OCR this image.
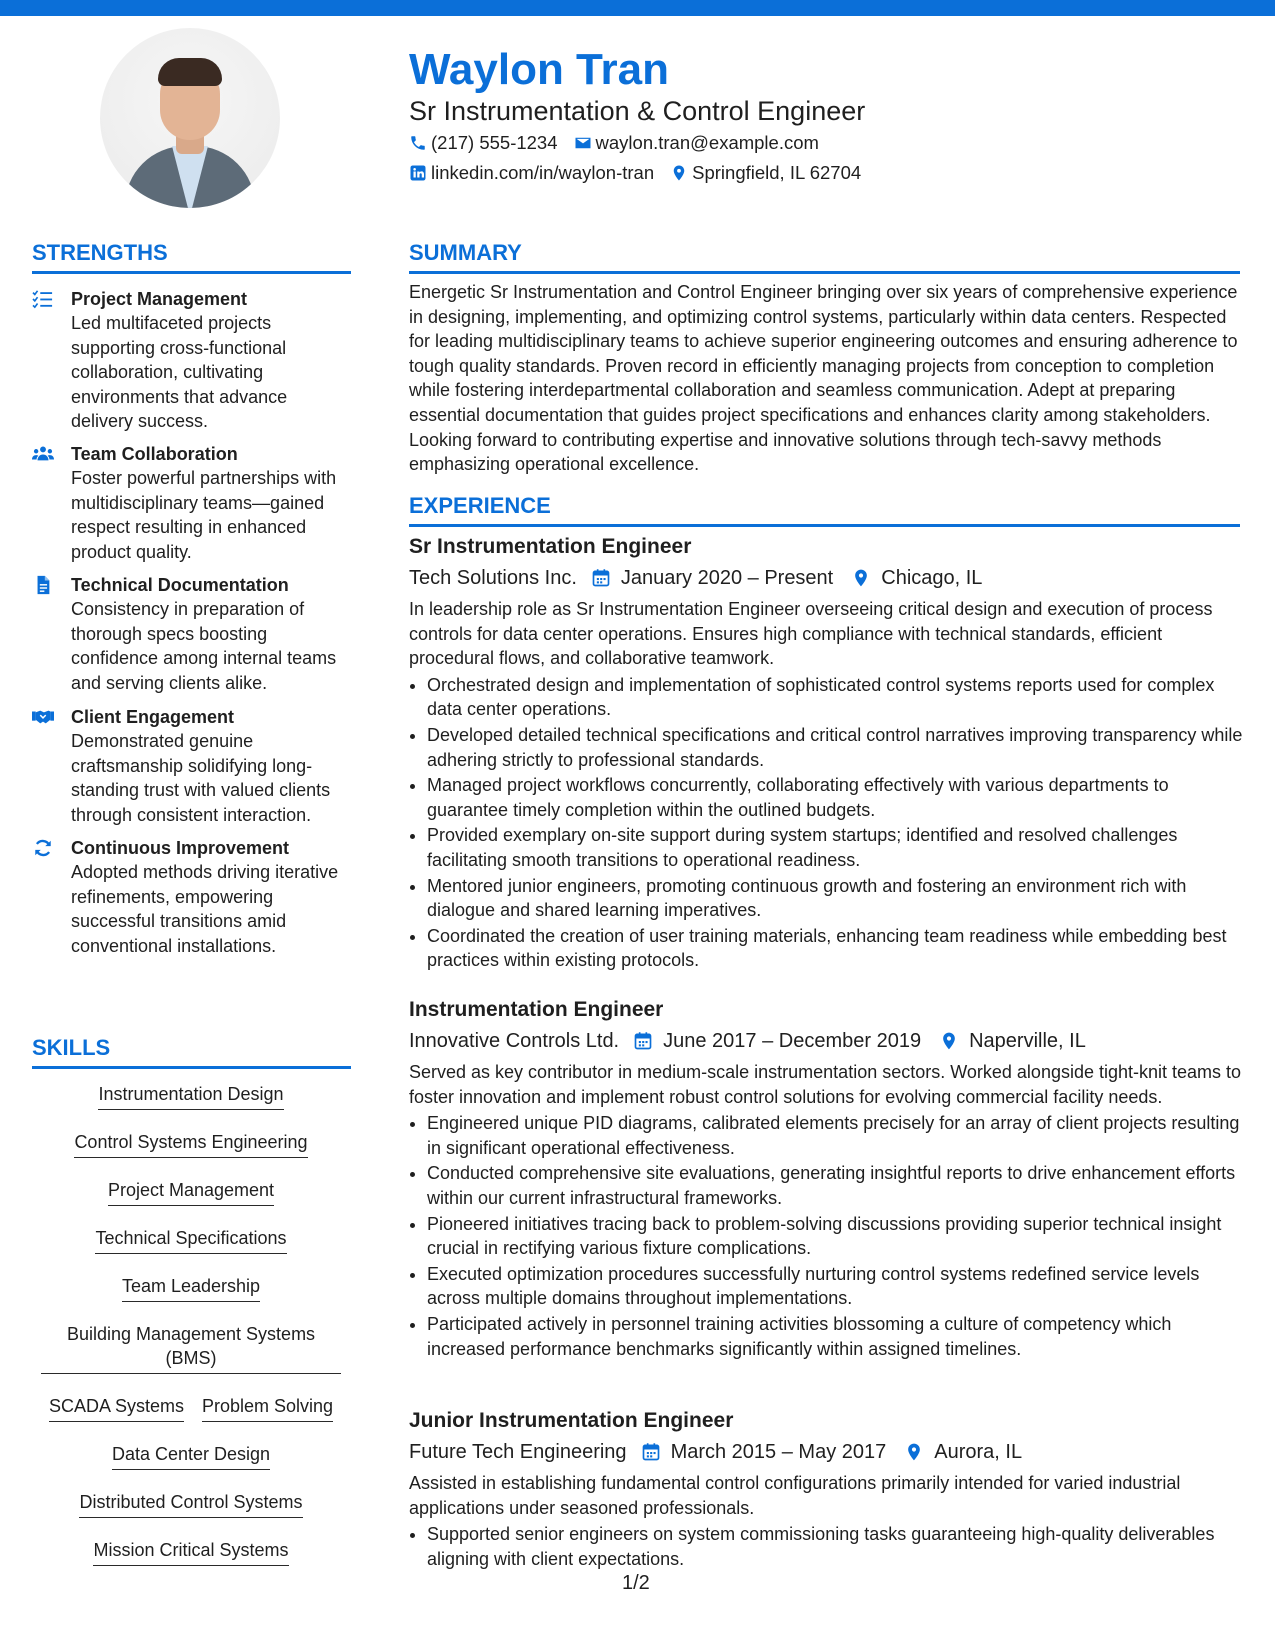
Waylon Tran
Sr Instrumentation & Control Engineer
(217) 555-1234 waylon.tran@example.com
linkedin.com/in/waylon-tran Springfield, IL 62704
STRENGTHS
Project Management
Led multifaceted projects supporting cross-functional collaboration, cultivating environments that advance delivery success.
Team Collaboration
Foster powerful partnerships with multidisciplinary teams—gained respect resulting in enhanced product quality.
Technical Documentation
Consistency in preparation of thorough specs boosting confidence among internal teams and serving clients alike.
Client Engagement
Demonstrated genuine craftsmanship solidifying long-standing trust with valued clients through consistent interaction.
Continuous Improvement
Adopted methods driving iterative refinements, empowering successful transitions amid conventional installations.
SKILLS
Instrumentation Design
Control Systems Engineering
Project Management
Technical Specifications
Team Leadership
Building Management Systems (BMS)
SCADA Systems Problem Solving
Data Center Design
Distributed Control Systems
Mission Critical Systems
SUMMARY

Energetic Sr Instrumentation and Control Engineer bringing over six years of comprehensive experience in designing, implementing, and optimizing control systems, particularly within data centers. Respected for leading multidisciplinary teams to achieve superior engineering outcomes and ensuring adherence to tough quality standards. Proven record in efficiently managing projects from conception to completion while fostering interdepartmental collaboration and seamless communication. Adept at preparing essential documentation that guides project specifications and enhances clarity among stakeholders. Looking forward to contributing expertise and innovative solutions through tech-savvy methods emphasizing operational excellence.

EXPERIENCE
Sr Instrumentation Engineer
Tech Solutions Inc. January 2020 – Present Chicago, IL
In leadership role as Sr Instrumentation Engineer overseeing critical design and execution of process controls for data center operations. Ensures high compliance with technical standards, efficient procedural flows, and collaborative teamwork.
• Orchestrated design and implementation of sophisticated control systems reports used for complex data center operations.
• Developed detailed technical specifications and critical control narratives improving transparency while adhering strictly to professional standards.
• Managed project workflows concurrently, collaborating effectively with various departments to guarantee timely completion within the outlined budgets.
• Provided exemplary on-site support during system startups; identified and resolved challenges facilitating smooth transitions to operational readiness.
• Mentored junior engineers, promoting continuous growth and fostering an environment rich with dialogue and shared learning imperatives.
• Coordinated the creation of user training materials, enhancing team readiness while embedding best practices within existing protocols.
Instrumentation Engineer
Innovative Controls Ltd. June 2017 – December 2019 Naperville, IL
Served as key contributor in medium-scale instrumentation sectors. Worked alongside tight-knit teams to foster innovation and implement robust control solutions for evolving commercial facility needs.
• Engineered unique PID diagrams, calibrated elements precisely for an array of client projects resulting in significant operational effectiveness.
• Conducted comprehensive site evaluations, generating insightful reports to drive enhancement efforts within our current infrastructural frameworks.
• Pioneered initiatives tracing back to problem-solving discussions providing superior technical insight crucial in rectifying various fixture complications.
• Executed optimization procedures successfully nurturing control systems redefined service levels across multiple domains throughout implementations.
• Participated actively in personnel training activities blossoming a culture of competency which increased performance benchmarks significantly within assigned timelines.
Junior Instrumentation Engineer
Future Tech Engineering March 2015 – May 2017 Aurora, IL
Assisted in establishing fundamental control configurations primarily intended for varied industrial applications under seasoned professionals.
• Supported senior engineers on system commissioning tasks guaranteeing high-quality deliverables aligning with client expectations.
1/2
